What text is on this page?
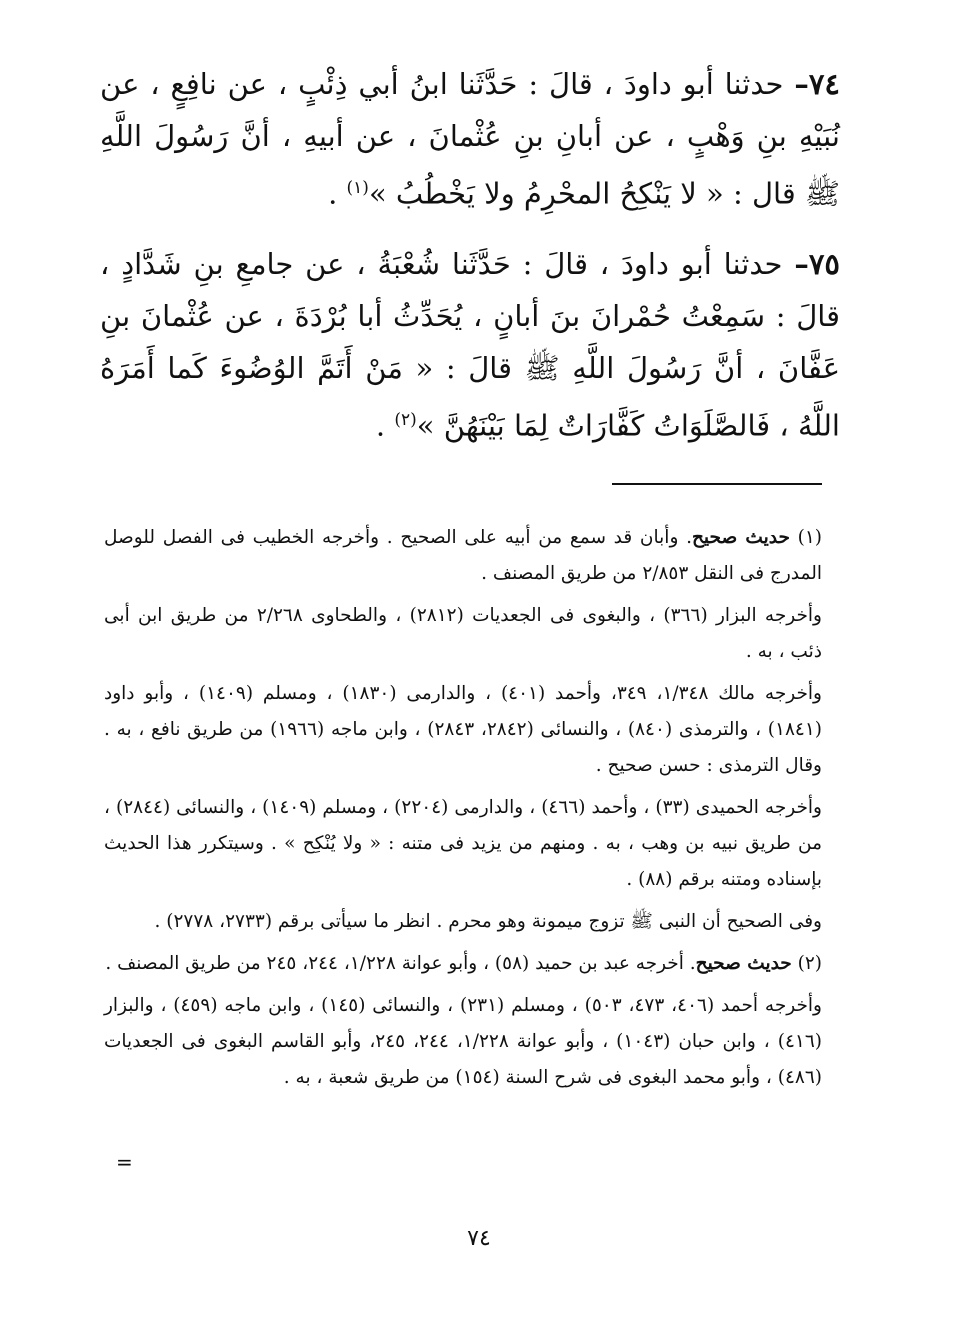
٧٤– حدثنا أبو داودَ ، قالَ : حَدَّثَنا ابنُ أبي ذِئْبٍ ، عن نافِعٍ ، عن نُبَيْهِ بنِ وَهْبٍ ، عن أبانِ بنِ عُثْمانَ ، عن أبيهِ ، أنَّ رَسُولَ اللَّهِ ﷺ قال : « لا يَنْكِحُ المحْرِمُ ولا يَخْطُبُ »$^{(١)}$ .
٧٥– حدثنا أبو داودَ ، قالَ : حَدَّثَنا شُعْبَةُ ، عن جامعِ بنِ شَدَّادٍ ، قالَ : سَمِعْتُ حُمْرانَ بنَ أبانٍ ، يُحَدِّثُ أبا بُرْدَةَ ، عن عُثْمانَ بنِ عَفَّانَ ، أنَّ رَسُولَ اللَّهِ ﷺ قالَ : « مَنْ أَتَمَّ الوُضُوءَ كَما أَمَرَهُ اللَّهُ ، فَالصَّلَوَاتُ كَفَّارَاتٌ لِمَا بَيْنَهُنَّ »$^{(٢)}$ .

(١) حديث صحيح. وأبان قد سمع من أبيه على الصحيح . وأخرجه الخطيب فى الفصل للوصل المدرج فى النقل ٢/٨٥٣ من طريق المصنف .

وأخرجه البزار (٣٦٦) ، والبغوى فى الجعديات (٢٨١٢) ، والطحاوى ٢/٢٦٨ من طريق ابن أبى ذئب ، به .

وأخرجه مالك ١/٣٤٨، ٣٤٩، وأحمد (٤٠١) ، والدارمى (١٨٣٠) ، ومسلم (١٤٠٩) ، وأبو داود (١٨٤١) ، والترمذى (٨٤٠) ، والنسائى (٢٨٤٢، ٢٨٤٣) ، وابن ماجه (١٩٦٦) من طريق نافع ، به . وقال الترمذى : حسن صحيح .

وأخرجه الحميدى (٣٣) ، وأحمد (٤٦٦) ، والدارمى (٢٢٠٤) ، ومسلم (١٤٠٩) ، والنسائى (٢٨٤٤) ، من طريق نبيه بن وهب ، به . ومنهم من يزيد فى متنه : « ولا يُنْكِح » . وسيتكرر هذا الحديث بإسناده ومتنه برقم (٨٨) .

وفى الصحيح أن النبى ﷺ تزوج ميمونة وهو محرم . انظر ما سيأتى برقم (٢٧٣٣، ٢٧٧٨) .

(٢) حديث صحيح. أخرجه عبد بن حميد (٥٨) ، وأبو عوانة ١/٢٢٨، ٢٤٤، ٢٤٥ من طريق المصنف .

وأخرجه أحمد (٤٠٦، ٤٧٣، ٥٠٣) ، ومسلم (٢٣١) ، والنسائى (١٤٥) ، وابن ماجه (٤٥٩) ، والبزار (٤١٦) ، وابن حبان (١٠٤٣) ، وأبو عوانة ١/٢٢٨، ٢٤٤، ٢٤٥، وأبو القاسم البغوى فى الجعديات (٤٨٦) ، وأبو محمد البغوى فى شرح السنة (١٥٤) من طريق شعبة ، به .

=
٧٤
